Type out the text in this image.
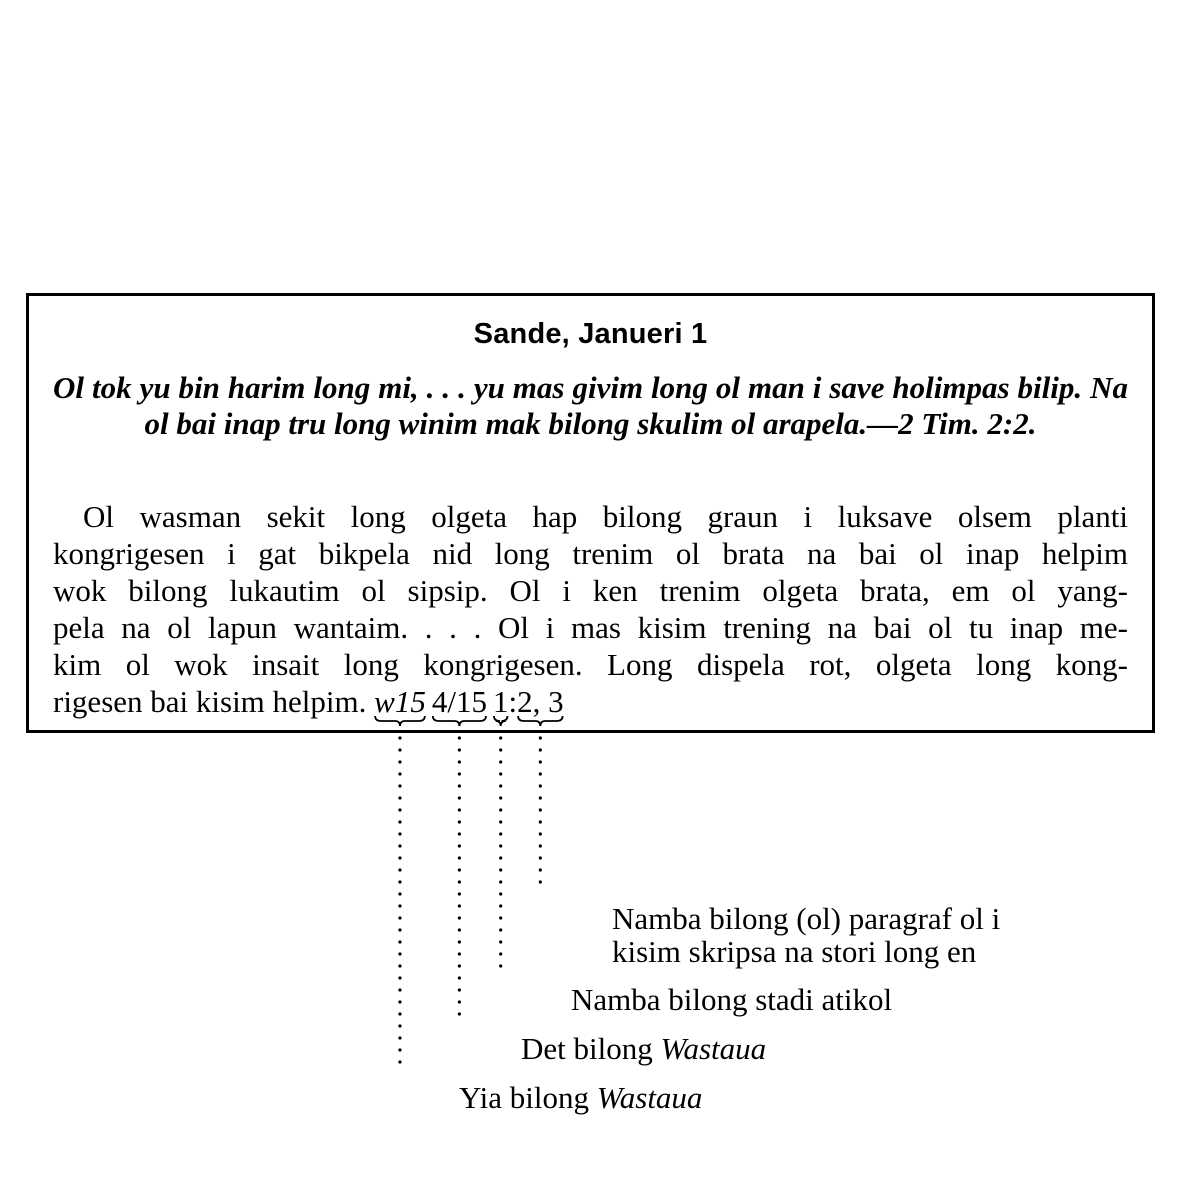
Sande, Janueri 1
Ol tok yu bin harim long mi, . . . yu mas givim long ol man i save holimpas bilip. Na ol bai inap tru long winim mak bilong skulim ol arapela.—2 Tim. 2:2.
Ol wasman sekit long olgeta hap bilong graun i luksave olsem planti
kongrigesen i gat bikpela nid long trenim ol brata na bai ol inap helpim
wok bilong lukautim ol sipsip. Ol i ken trenim olgeta brata, em ol yang-
pela na ol lapun wantaim. . . . Ol i mas kisim trening na bai ol tu inap me-
kim ol wok insait long kongrigesen. Long dispela rot, olgeta long kong-
rigesen bai kisim helpim. w15 4/15 1:2, 3
Namba bilong (ol) paragraf ol i
kisim skripsa na stori long en
Namba bilong stadi atikol
Det bilong Wastaua
Yia bilong Wastaua
